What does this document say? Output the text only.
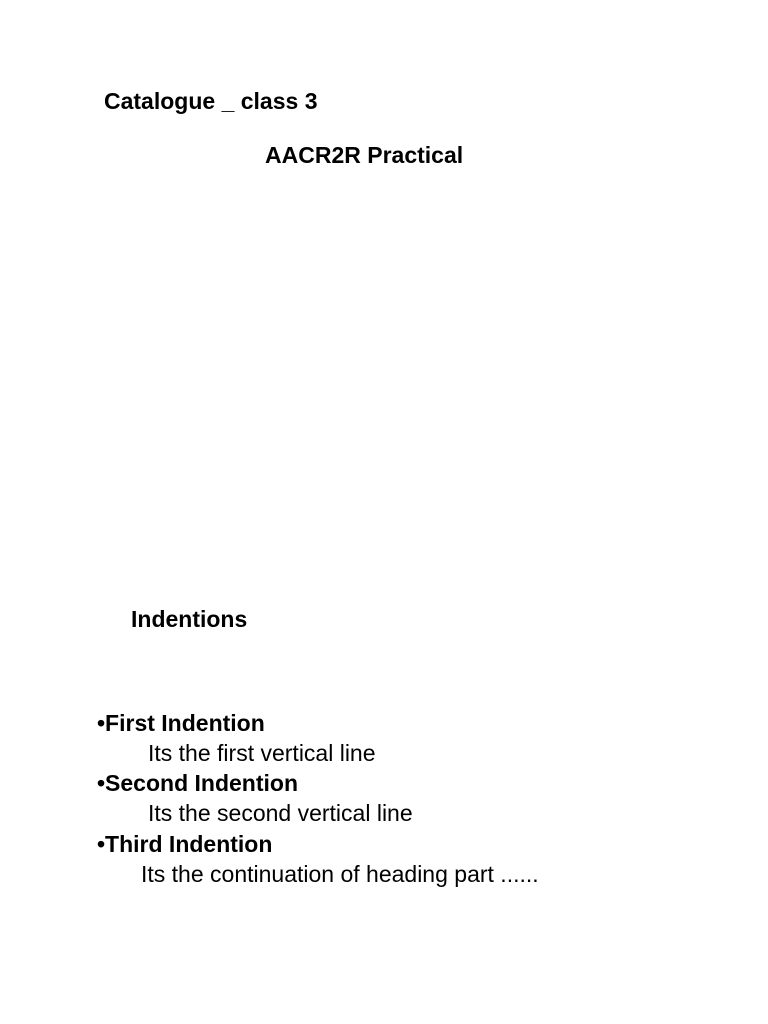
Catalogue _ class 3
AACR2R Practical
Indentions
•First Indention
Its the first vertical line
•Second Indention
Its the second vertical line
•Third Indention
Its the continuation of heading part ......
